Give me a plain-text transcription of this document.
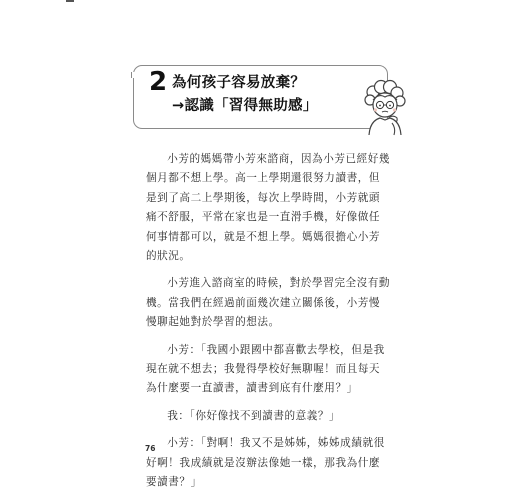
2 為何孩子容易放棄？
→認識「習得無助感」

小芳的媽媽帶小芳來諮商，因為小芳已經好幾個月都不想上學。高一上學期還很努力讀書，但是到了高二上學期後，每次上學時間，小芳就頭痛不舒服，平常在家也是一直滑手機，好像做任何事情都可以，就是不想上學。媽媽很擔心小芳的狀況。

小芳進入諮商室的時候，對於學習完全沒有動機。當我們在經過前面幾次建立關係後，小芳慢慢聊起她對於學習的想法。

小芳：「我國小跟國中都喜歡去學校，但是我現在就不想去；我覺得學校好無聊喔！而且每天為什麼要一直讀書，讀書到底有什麼用？」

我：「你好像找不到讀書的意義？」

小芳：「對啊！我又不是姊姊，姊姊成績就很好啊！我成績就是沒辦法像她一樣，那我為什麼要讀書？」

76
